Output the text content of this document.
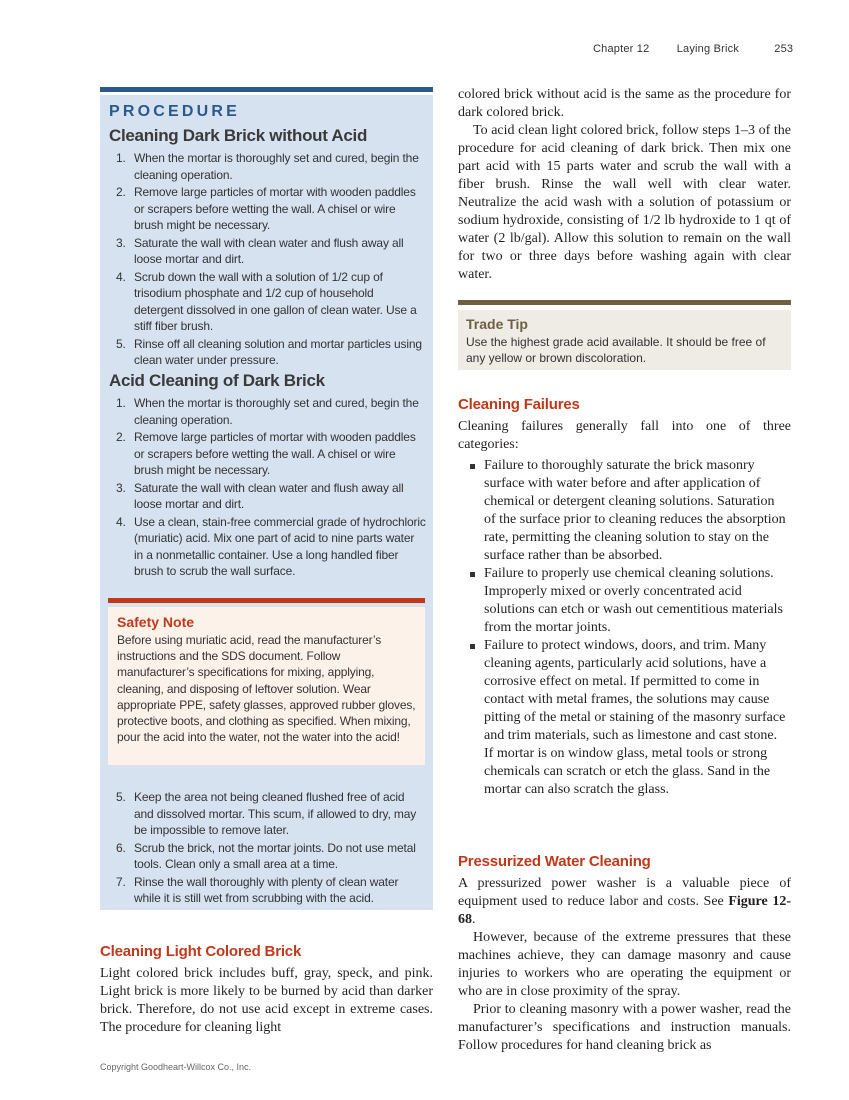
Chapter 12 Laying Brick	253
PROCEDURE
Cleaning Dark Brick without Acid
1. When the mortar is thoroughly set and cured, begin the cleaning operation.
2. Remove large particles of mortar with wooden paddles or scrapers before wetting the wall. A chisel or wire brush might be necessary.
3. Saturate the wall with clean water and flush away all loose mortar and dirt.
4. Scrub down the wall with a solution of 1/2 cup of trisodium phosphate and 1/2 cup of household detergent dissolved in one gallon of clean water. Use a stiff fiber brush.
5. Rinse off all cleaning solution and mortar particles using clean water under pressure.
Acid Cleaning of Dark Brick
1. When the mortar is thoroughly set and cured, begin the cleaning operation.
2. Remove large particles of mortar with wooden paddles or scrapers before wetting the wall. A chisel or wire brush might be necessary.
3. Saturate the wall with clean water and flush away all loose mortar and dirt.
4. Use a clean, stain-free commercial grade of hydrochloric (muriatic) acid. Mix one part of acid to nine parts water in a nonmetallic container. Use a long handled fiber brush to scrub the wall surface.
Safety Note
Before using muriatic acid, read the manufacturer’s instructions and the SDS document. Follow manufacturer’s specifications for mixing, applying, cleaning, and disposing of leftover solution. Wear appropriate PPE, safety glasses, approved rubber gloves, protective boots, and clothing as specified. When mixing, pour the acid into the water, not the water into the acid!
5. Keep the area not being cleaned flushed free of acid and dissolved mortar. This scum, if allowed to dry, may be impossible to remove later.
6. Scrub the brick, not the mortar joints. Do not use metal tools. Clean only a small area at a time.
7. Rinse the wall thoroughly with plenty of clean water while it is still wet from scrubbing with the acid.
Cleaning Light Colored Brick

Light colored brick includes buff, gray, speck, and pink. Light brick is more likely to be burned by acid than darker brick. Therefore, do not use acid except in extreme cases. The procedure for cleaning light

colored brick without acid is the same as the procedure for dark colored brick.

To acid clean light colored brick, follow steps 1–3 of the procedure for acid cleaning of dark brick. Then mix one part acid with 15 parts water and scrub the wall with a fiber brush. Rinse the wall well with clear water. Neutralize the acid wash with a solution of potassium or sodium hydroxide, consisting of 1/2 lb hydroxide to 1 qt of water (2 lb/gal). Allow this solution to remain on the wall for two or three days before washing again with clear water.

Trade Tip
Use the highest grade acid available. It should be free of any yellow or brown discoloration.
Cleaning Failures

Cleaning failures generally fall into one of three categories:

Failure to thoroughly saturate the brick masonry surface with water before and after application of chemical or detergent cleaning solutions. Saturation of the surface prior to cleaning reduces the absorption rate, permitting the cleaning solution to stay on the surface rather than be absorbed.
Failure to properly use chemical cleaning solutions. Improperly mixed or overly concentrated acid solutions can etch or wash out cementitious materials from the mortar joints.
Failure to protect windows, doors, and trim. Many cleaning agents, particularly acid solutions, have a corrosive effect on metal. If permitted to come in contact with metal frames, the solutions may cause pitting of the metal or staining of the masonry surface and trim materials, such as limestone and cast stone. If mortar is on window glass, metal tools or strong chemicals can scratch or etch the glass. Sand in the mortar can also scratch the glass.
Pressurized Water Cleaning

A pressurized power washer is a valuable piece of equipment used to reduce labor and costs. See Figure 12-68.

However, because of the extreme pressures that these machines achieve, they can damage masonry and cause injuries to workers who are operating the equipment or who are in close proximity of the spray.

Prior to cleaning masonry with a power washer, read the manufacturer’s specifications and instruction manuals. Follow procedures for hand cleaning brick as

Copyright Goodheart-Willcox Co., Inc.
